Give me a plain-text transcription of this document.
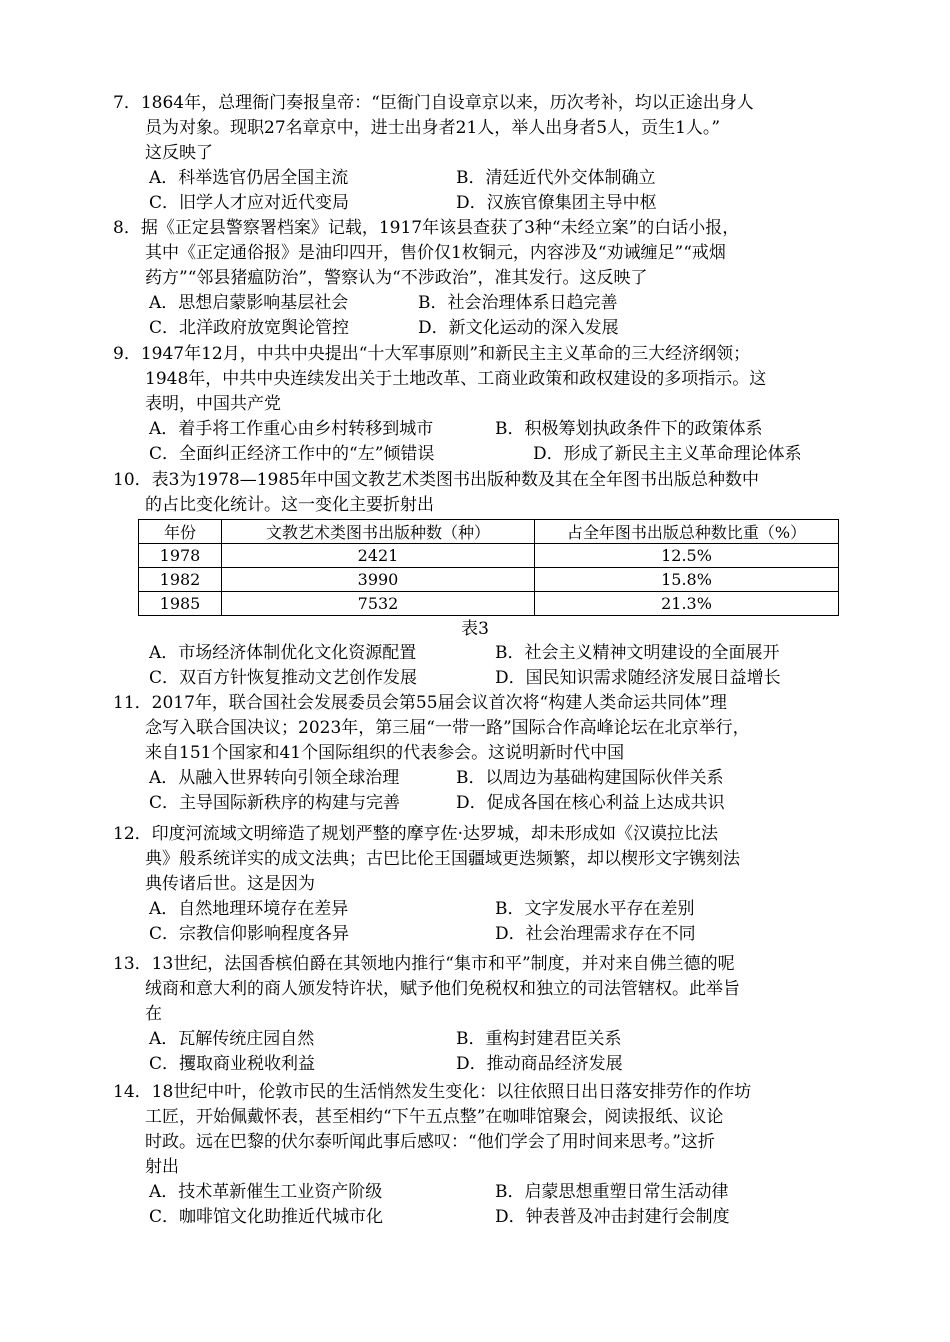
7．1864年，总理衙门奏报皇帝：“臣衙门自设章京以来，历次考补，均以正途出身人
员为对象。现职27名章京中，进士出身者21人，举人出身者5人，贡生1人。”
这反映了
A．科举选官仍居全国主流	B．清廷近代外交体制确立
C．旧学人才应对近代变局	D．汉族官僚集团主导中枢
8．据《正定县警察署档案》记载，1917年该县查获了3种“未经立案”的白话小报，
其中《正定通俗报》是油印四开，售价仅1枚铜元，内容涉及“劝诫缠足”“戒烟
药方”“邻县猪瘟防治”，警察认为“不涉政治”，准其发行。这反映了
A．思想启蒙影响基层社会	B．社会治理体系日趋完善
C．北洋政府放宽舆论管控	D．新文化运动的深入发展
9．1947年12月，中共中央提出“十大军事原则”和新民主主义革命的三大经济纲领；
1948年，中共中央连续发出关于土地改革、工商业政策和政权建设的多项指示。这
表明，中国共产党
A．着手将工作重心由乡村转移到城市	B．积极筹划执政条件下的政策体系
C．全面纠正经济工作中的“左”倾错误	D．形成了新民主主义革命理论体系
10．表3为1978—1985年中国文教艺术类图书出版种数及其在全年图书出版总种数中
的占比变化统计。这一变化主要折射出
年份	文教艺术类图书出版种数（种）	占全年图书出版总种数比重（%）
1978	2421	12.5%
1982	3990	15.8%
1985	7532	21.3%
表3
A．市场经济体制优化文化资源配置	B．社会主义精神文明建设的全面展开
C．双百方针恢复推动文艺创作发展	D．国民知识需求随经济发展日益增长
11．2017年，联合国社会发展委员会第55届会议首次将“构建人类命运共同体”理
念写入联合国决议；2023年，第三届“一带一路”国际合作高峰论坛在北京举行，
来自151个国家和41个国际组织的代表参会。这说明新时代中国
A．从融入世界转向引领全球治理	B．以周边为基础构建国际伙伴关系
C．主导国际新秩序的构建与完善	D．促成各国在核心利益上达成共识
12．印度河流域文明缔造了规划严整的摩亨佐·达罗城，却未形成如《汉谟拉比法
典》般系统详实的成文法典；古巴比伦王国疆域更迭频繁，却以楔形文字镌刻法
典传诸后世。这是因为
A．自然地理环境存在差异	B．文字发展水平存在差别
C．宗教信仰影响程度各异	D．社会治理需求存在不同
13．13世纪，法国香槟伯爵在其领地内推行“集市和平”制度，并对来自佛兰德的呢
绒商和意大利的商人颁发特许状，赋予他们免税权和独立的司法管辖权。此举旨
在
A．瓦解传统庄园自然	B．重构封建君臣关系
C．攫取商业税收利益	D．推动商品经济发展
14．18世纪中叶，伦敦市民的生活悄然发生变化：以往依照日出日落安排劳作的作坊
工匠，开始佩戴怀表，甚至相约“下午五点整”在咖啡馆聚会，阅读报纸、议论
时政。远在巴黎的伏尔泰听闻此事后感叹：“他们学会了用时间来思考。”这折
射出
A．技术革新催生工业资产阶级	B．启蒙思想重塑日常生活动律
C．咖啡馆文化助推近代城市化	D．钟表普及冲击封建行会制度
